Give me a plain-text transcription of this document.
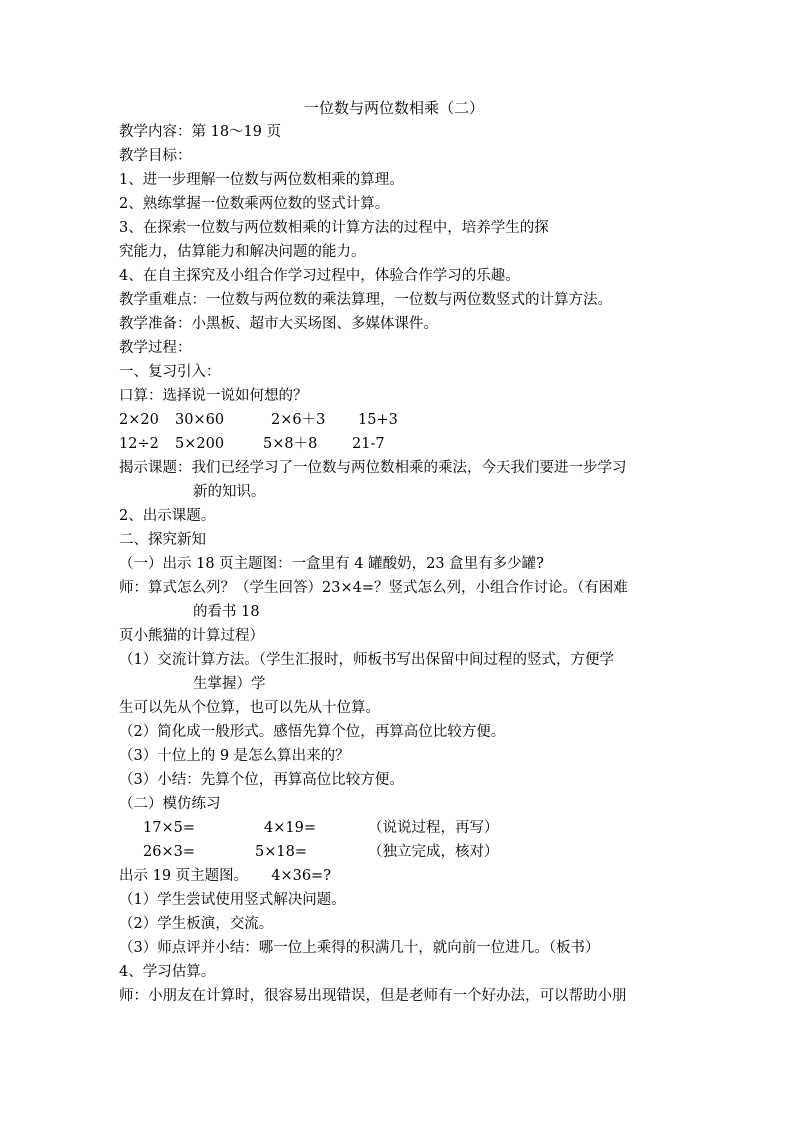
一位数与两位数相乘（二）
教学内容：第 18～19 页
教学目标：
1、进一步理解一位数与两位数相乘的算理。
2、熟练掌握一位数乘两位数的竖式计算。
3、在探索一位数与两位数相乘的计算方法的过程中，培养学生的探
究能力，估算能力和解决问题的能力。
4、在自主探究及小组合作学习过程中，体验合作学习的乐趣。
教学重难点：一位数与两位数的乘法算理，一位数与两位数竖式的计算方法。
教学准备：小黑板、超市大买场图、多媒体课件。
教学过程：
一、复习引入：
口算：选择说一说如何想的？
2×20 30×60	2×6＋3 15+3
12÷2 5×200	5×8＋8 21-7
揭示课题：我们已经学习了一位数与两位数相乘的乘法，今天我们要进一步学习
新的知识。
2、出示课题。
二、探究新知
（一）出示 18 页主题图：一盒里有 4 罐酸奶，23 盒里有多少罐?
师：算式怎么列？（学生回答）23×4=？竖式怎么列，小组合作讨论。（有困难
的看书 18
页小熊猫的计算过程）
（1）交流计算方法。（学生汇报时，师板书写出保留中间过程的竖式，方便学
生掌握）学
生可以先从个位算，也可以先从十位算。
（2）简化成一般形式。感悟先算个位，再算高位比较方便。
（3）十位上的 9 是怎么算出来的？
（3）小结：先算个位，再算高位比较方便。
（二）模仿练习
17×5=	4×19=	（说说过程，再写）
26×3=	5×18=	（独立完成，核对）
出示 19 页主题图。     4×36=?
（1）学生尝试使用竖式解决问题。
（2）学生板演，交流。
（3）师点评并小结：哪一位上乘得的积满几十，就向前一位进几。（板书）
4、学习估算。
师：小朋友在计算时，很容易出现错误，但是老师有一个好办法，可以帮助小朋
